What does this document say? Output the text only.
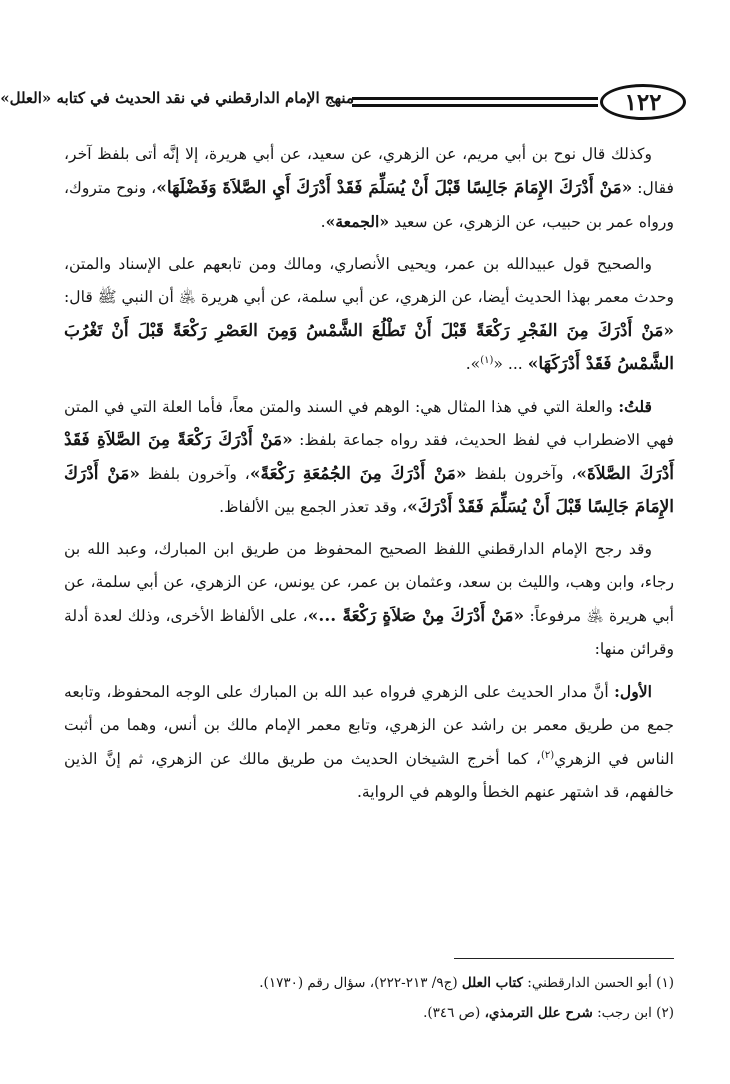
١٢٢
منهج الإمام الدارقطني في نقد الحديث في كتابه «العلل»

وكذلك قال نوح بن أبي مريم، عن الزهري، عن سعيد، عن أبي هريرة، إلا إنَّه أتى بلفظ آخر، فقال: «مَنْ أَدْرَكَ الإِمَامَ جَالِسًا قَبْلَ أَنْ يُسَلِّمَ فَقَدْ أَدْرَكَ أَيِ الصَّلاَةَ وَفَضْلَهَا»، ونوح متروك، ورواه عمر بن حبيب، عن الزهري، عن سعيد «الجمعة».

والصحيح قول عبيدالله بن عمر، ويحيى الأنصاري، ومالك ومن تابعهم على الإسناد والمتن، وحدث معمر بهذا الحديث أيضا، عن الزهري، عن أبي سلمة، عن أبي هريرة ﵁ أن النبي ﷺ قال: «مَنْ أَدْرَكَ مِنَ الفَجْرِ رَكْعَةً قَبْلَ أَنْ تَطْلُعَ الشَّمْسُ وَمِنَ العَصْرِ رَكْعَةً قَبْلَ أَنْ تَغْرُبَ الشَّمْسُ فَقَدْ أَدْرَكَهَا» ... «$^{(١)}$».

قلتُ: والعلة التي في هذا المثال هي: الوهم في السند والمتن معاً، فأما العلة التي في المتن فهي الاضطراب في لفظ الحديث، فقد رواه جماعة بلفظ: «مَنْ أَدْرَكَ رَكْعَةً مِنَ الصَّلاَةِ فَقَدْ أَدْرَكَ الصَّلاَةَ»، وآخرون بلفظ «مَنْ أَدْرَكَ مِنَ الجُمُعَةِ رَكْعَةً»، وآخرون بلفظ «مَنْ أَدْرَكَ الإِمَامَ جَالِسًا قَبْلَ أَنْ يُسَلِّمَ فَقَدْ أَدْرَكَ»، وقد تعذر الجمع بين الألفاظ.

وقد رجح الإمام الدارقطني اللفظ الصحيح المحفوظ من طريق ابن المبارك، وعبد الله بن رجاء، وابن وهب، والليث بن سعد، وعثمان بن عمر، عن يونس، عن الزهري، عن أبي سلمة، عن أبي هريرة ﵁ مرفوعاً: «مَنْ أَدْرَكَ مِنْ صَلاَةٍ رَكْعَةً ...»، على الألفاظ الأخرى، وذلك لعدة أدلة وقرائن منها:

الأول: أنَّ مدار الحديث على الزهري فرواه عبد الله بن المبارك على الوجه المحفوظ، وتابعه جمع من طريق معمر بن راشد عن الزهري، وتابع معمر الإمام مالك بن أنس، وهما من أثبت الناس في الزهري$^{(٢)}$، كما أخرج الشيخان الحديث من طريق مالك عن الزهري، ثم إنَّ الذين خالفهم، قد اشتهر عنهم الخطأ والوهم في الرواية.

(١) أبو الحسن الدارقطني: كتاب العلل (ج٩/ ٢١٣-٢٢٢)، سؤال رقم (١٧٣٠).
(٢) ابن رجب: شرح علل الترمذي، (ص ٣٤٦).
